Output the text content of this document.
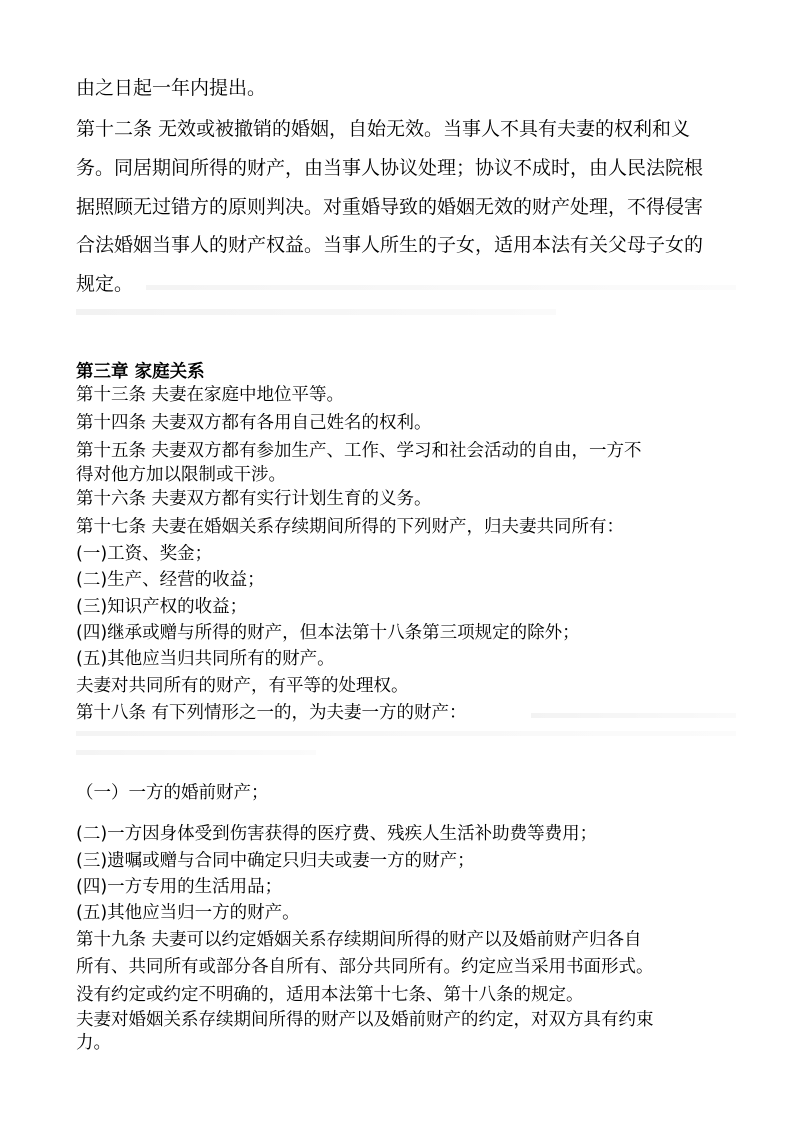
由之日起一年内提出。

第十二条 无效或被撤销的婚姻，自始无效。当事人不具有夫妻的权利和义

务。同居期间所得的财产，由当事人协议处理；协议不成时，由人民法院根

据照顾无过错方的原则判决。对重婚导致的婚姻无效的财产处理，不得侵害

合法婚姻当事人的财产权益。当事人所生的子女，适用本法有关父母子女的

规定。

第三章 家庭关系

第十三条 夫妻在家庭中地位平等。

第十四条 夫妻双方都有各用自己姓名的权利。

第十五条 夫妻双方都有参加生产、工作、学习和社会活动的自由，一方不

得对他方加以限制或干涉。

第十六条 夫妻双方都有实行计划生育的义务。

第十七条 夫妻在婚姻关系存续期间所得的下列财产，归夫妻共同所有：

(一)工资、奖金；

(二)生产、经营的收益；

(三)知识产权的收益；

(四)继承或赠与所得的财产，但本法第十八条第三项规定的除外；

(五)其他应当归共同所有的财产。

夫妻对共同所有的财产，有平等的处理权。

第十八条 有下列情形之一的，为夫妻一方的财产：

（一）一方的婚前财产；

(二)一方因身体受到伤害获得的医疗费、残疾人生活补助费等费用；

(三)遗嘱或赠与合同中确定只归夫或妻一方的财产；

(四)一方专用的生活用品；

(五)其他应当归一方的财产。

第十九条 夫妻可以约定婚姻关系存续期间所得的财产以及婚前财产归各自

所有、共同所有或部分各自所有、部分共同所有。约定应当采用书面形式。

没有约定或约定不明确的，适用本法第十七条、第十八条的规定。

夫妻对婚姻关系存续期间所得的财产以及婚前财产的约定，对双方具有约束

力。
